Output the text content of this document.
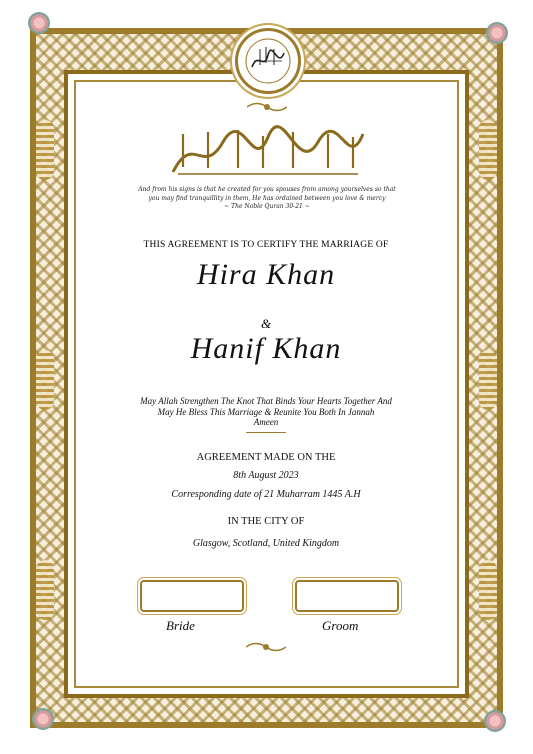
And from his signs is that he created for you spouses from among yourselves so that
you may find tranquillity in them, He has ordained between you love & mercy
~ The Noble Quran 30-21 ~
THIS AGREEMENT IS TO CERTIFY THE MARRIAGE OF
Hira Khan
&
Hanif Khan
May Allah Strengthen The Knot That Binds Your Hearts Together And
May He Bless This Marriage & Reunite You Both In Jannah
Ameen
AGREEMENT MADE ON THE
8th August 2023
Corresponding date of 21 Muharram 1445 A.H
IN THE CITY OF
Glasgow, Scotland, United Kingdom
Bride	Groom
